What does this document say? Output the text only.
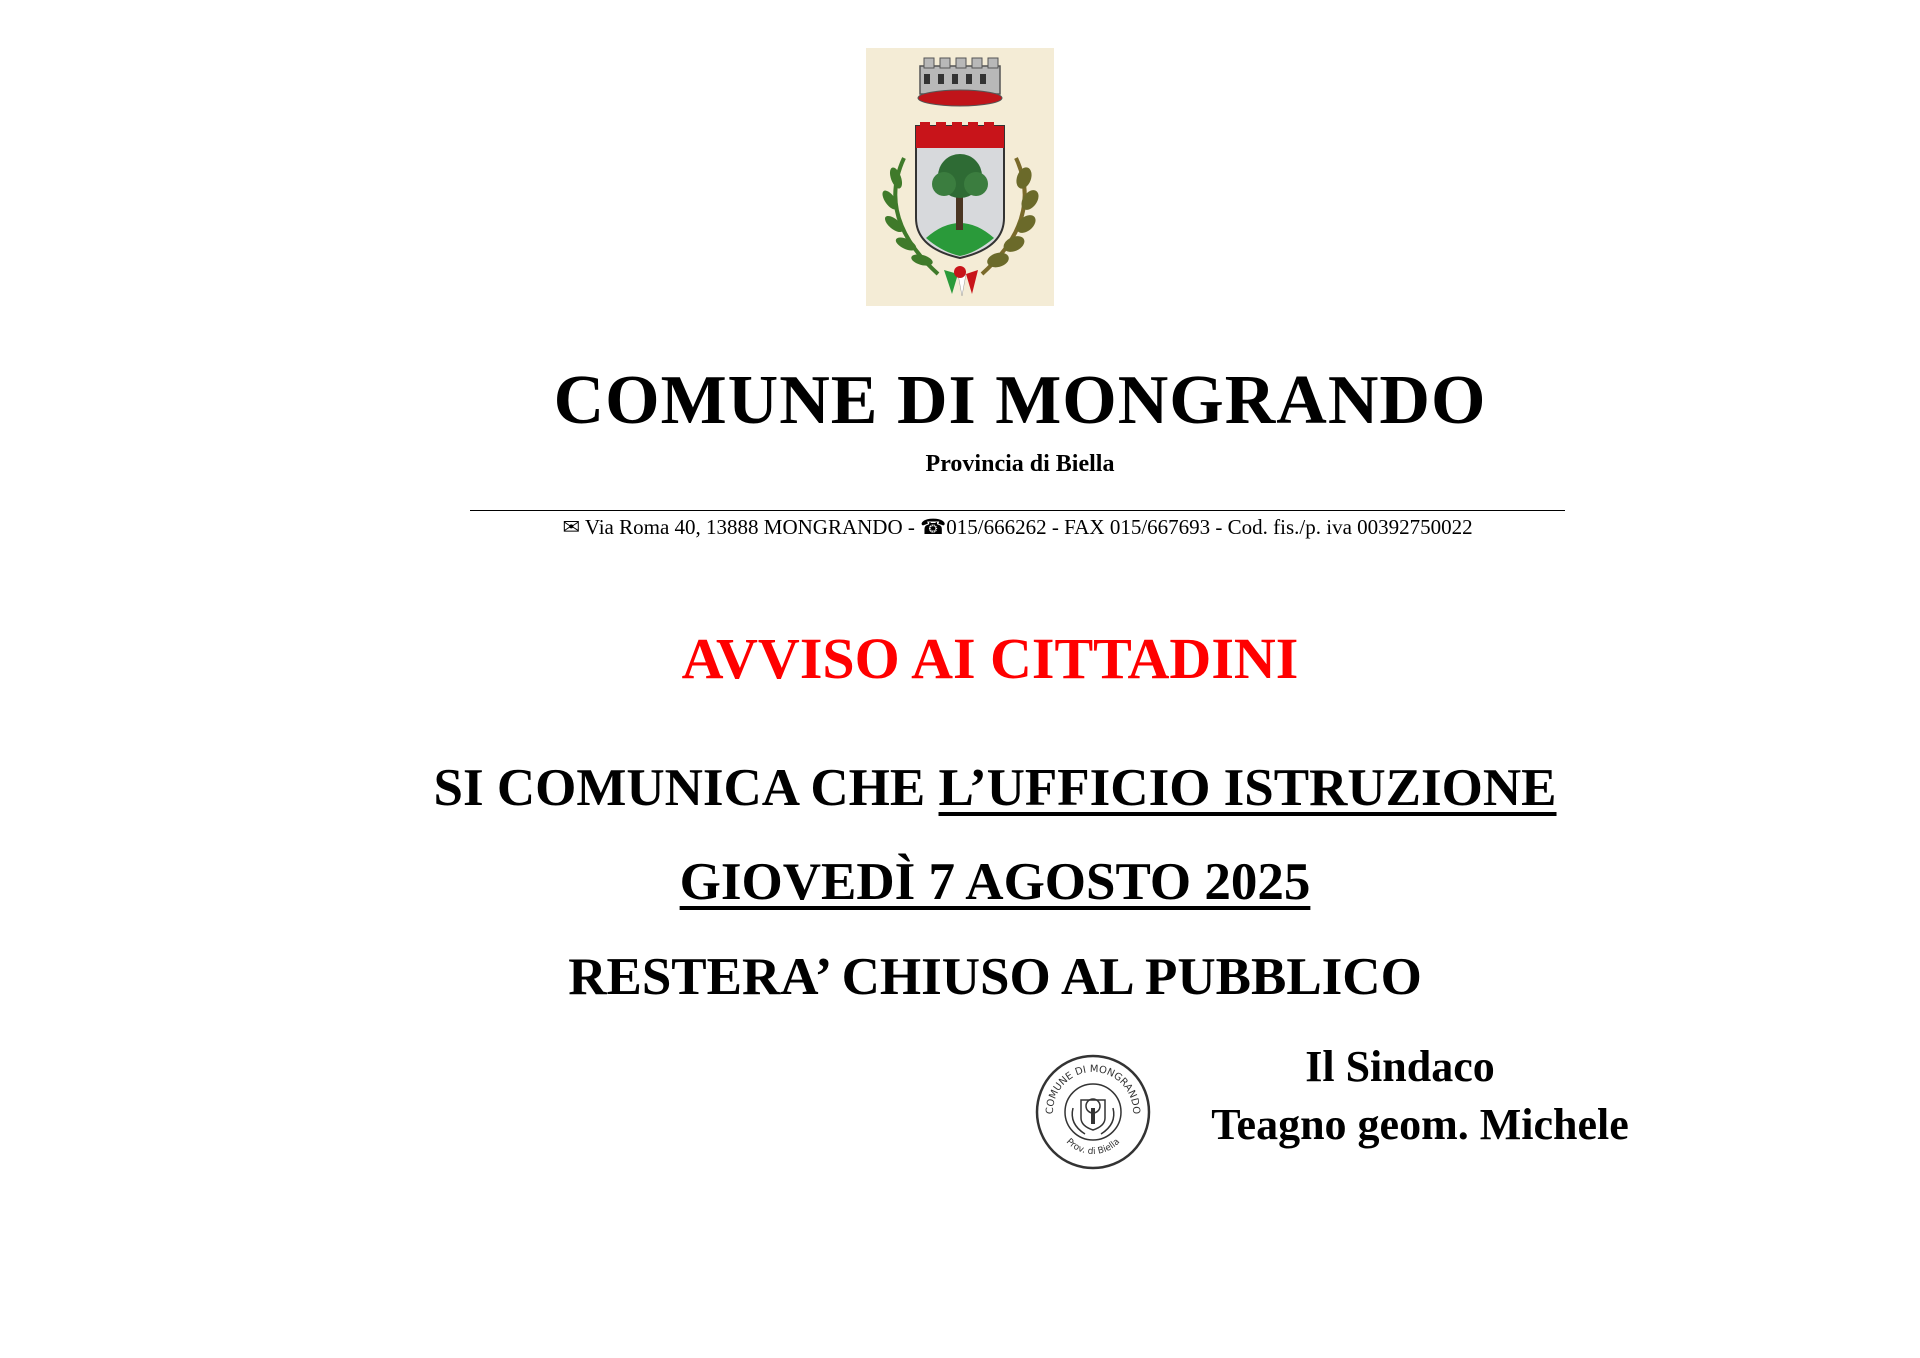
COMUNE DI MONGRANDO
Provincia di Biella
✉ Via Roma 40, 13888 MONGRANDO - ☎015/666262 - FAX 015/667693 - Cod. fis./p. iva 00392750022
AVVISO AI CITTADINI
SI COMUNICA CHE L’UFFICIO ISTRUZIONE
GIOVEDÌ 7 AGOSTO 2025
RESTERA’ CHIUSO AL PUBBLICO
COMUNE DI MONGRANDO
Prov. di Biella
Il Sindaco
Teagno geom. Michele
